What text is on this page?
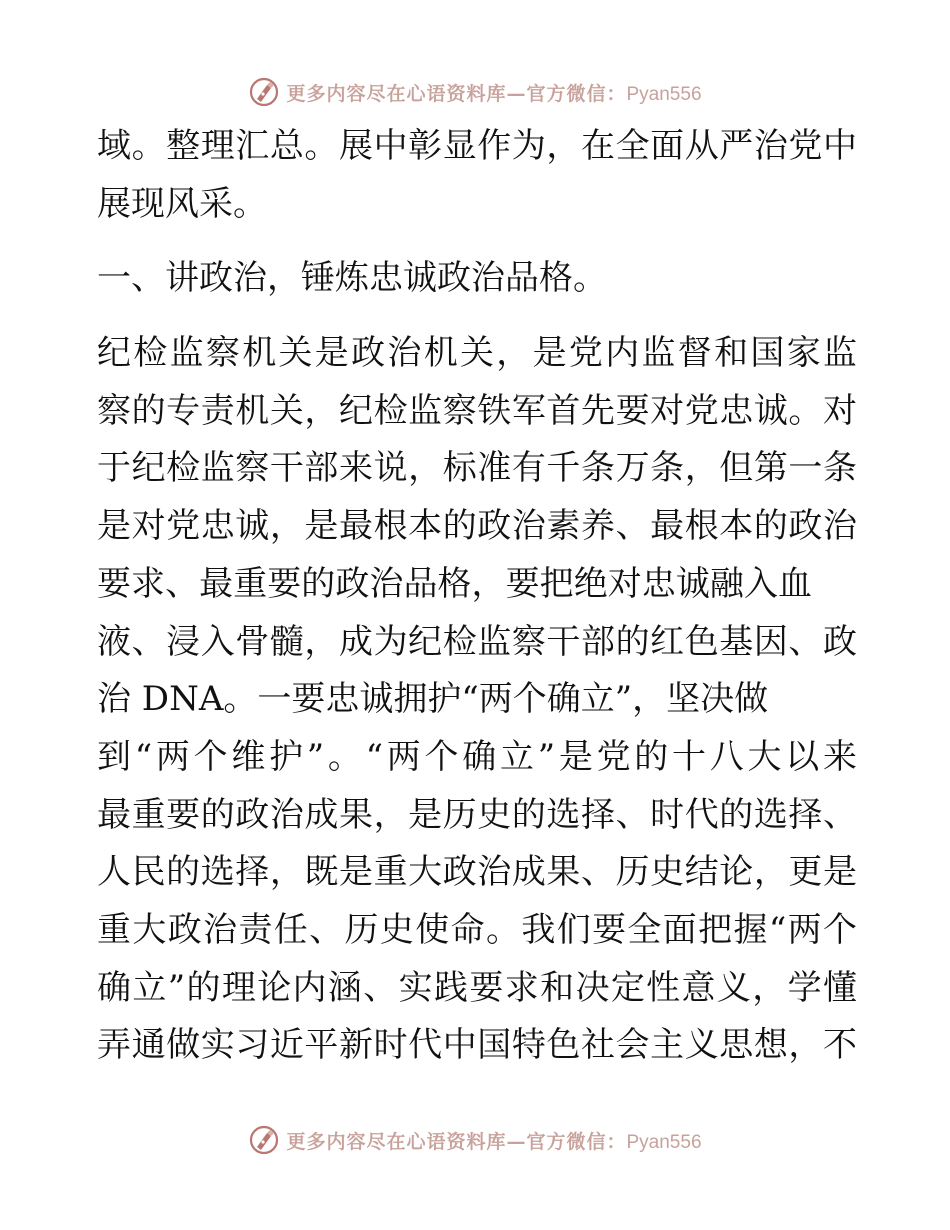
更多内容尽在心语资料库—官方微信：Pyan556
域。整理汇总。展中彰显作为，在全面从严治党中
展现风采。
一、讲政治，锤炼忠诚政治品格。
纪检监察机关是政治机关，是党内监督和国家监
察的专责机关，纪检监察铁军首先要对党忠诚。对
于纪检监察干部来说，标准有千条万条，但第一条
是对党忠诚，是最根本的政治素养、最根本的政治
要求、最重要的政治品格，要把绝对忠诚融入血
液、浸入骨髓，成为纪检监察干部的红色基因、政
治 DNA。一要忠诚拥护“两个确立”，坚决做
到“两个维护”。“两个确立”是党的十八大以来
最重要的政治成果，是历史的选择、时代的选择、
人民的选择，既是重大政治成果、历史结论，更是
重大政治责任、历史使命。我们要全面把握“两个
确立”的理论内涵、实践要求和决定性意义，学懂
弄通做实习近平新时代中国特色社会主义思想，不
更多内容尽在心语资料库—官方微信：Pyan556
